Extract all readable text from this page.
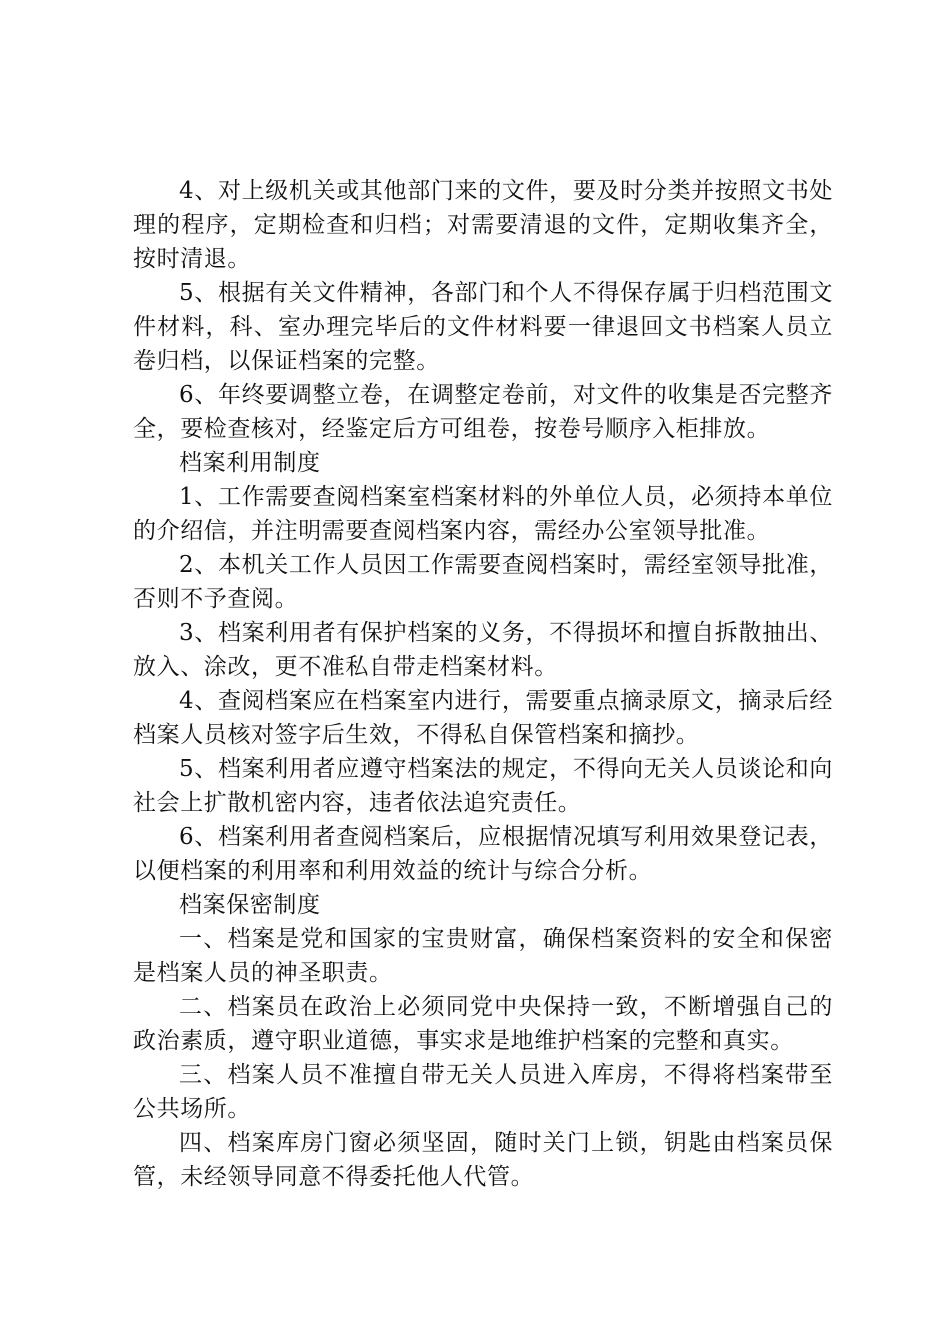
4、对上级机关或其他部门来的文件，要及时分类并按照文书处理的程序，定期检查和归档；对需要清退的文件，定期收集齐全，按时清退。

5、根据有关文件精神，各部门和个人不得保存属于归档范围文件材料，科、室办理完毕后的文件材料要一律退回文书档案人员立卷归档，以保证档案的完整。

6、年终要调整立卷，在调整定卷前，对文件的收集是否完整齐全，要检查核对，经鉴定后方可组卷，按卷号顺序入柜排放。

档案利用制度

1、工作需要查阅档案室档案材料的外单位人员，必须持本单位的介绍信，并注明需要查阅档案内容，需经办公室领导批准。

2、本机关工作人员因工作需要查阅档案时，需经室领导批准，否则不予查阅。

3、档案利用者有保护档案的义务，不得损坏和擅自拆散抽出、放入、涂改，更不准私自带走档案材料。

4、查阅档案应在档案室内进行，需要重点摘录原文，摘录后经档案人员核对签字后生效，不得私自保管档案和摘抄。

5、档案利用者应遵守档案法的规定，不得向无关人员谈论和向社会上扩散机密内容，违者依法追究责任。

6、档案利用者查阅档案后，应根据情况填写利用效果登记表，以便档案的利用率和利用效益的统计与综合分析。

档案保密制度

一、档案是党和国家的宝贵财富，确保档案资料的安全和保密是档案人员的神圣职责。

二、档案员在政治上必须同党中央保持一致，不断增强自己的政治素质，遵守职业道德，事实求是地维护档案的完整和真实。

三、档案人员不准擅自带无关人员进入库房，不得将档案带至公共场所。

四、档案库房门窗必须坚固，随时关门上锁，钥匙由档案员保管，未经领导同意不得委托他人代管。
